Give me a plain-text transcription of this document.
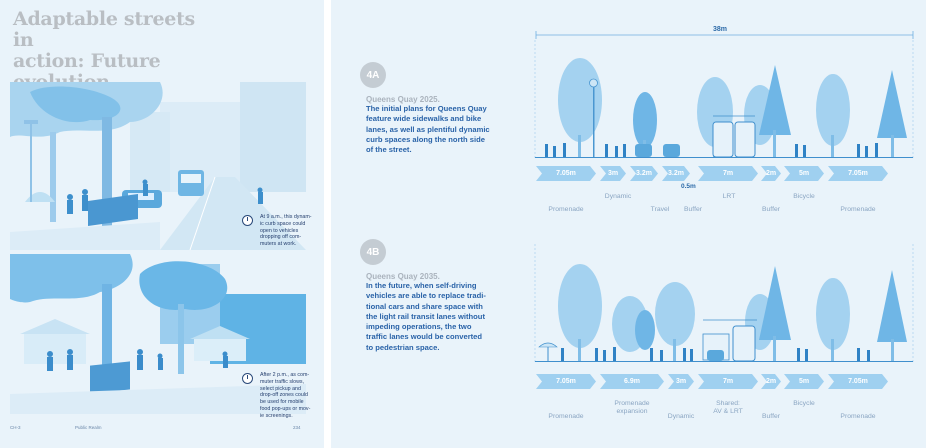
Adaptable streets in
action: Future
At 9 a.m., this dynam-
ic curb space could
open to vehicles
dropping off com-
muters at work.
After 2 p.m., as com-
muter traffic slows,
select pickup and
drop-off zones could
be used for mobile
food pop-ups or mov-
ie screenings.
CH-3	Public Realm	234
4A
Queens Quay 2025.
The initial plans for Queens Quay
feature wide sidewalks and bike
lanes, as well as plentiful dynamic
curb spaces along the north side
of the street.
4B
Queens Quay 2035.
In the future, when self-driving
vehicles are able to replace tradi-
tional cars and share space with
the light rail transit lanes without
impeding operations, the two
traffic lanes would be converted
to pedestrian space.
38m
7.05m	3m	3.2m	3.2m	7m	2m	5m	7.05m
0.5m
Promenade
Dynamic
Travel	Buffer
LRT
Buffer
Bicycle
Promenade
7.05m	6.9m	3m	7m	2m	5m	7.05m
Promenade
Promenade
expansion
Dynamic
Shared:
AV & LRT
Buffer
Bicycle
Promenade
